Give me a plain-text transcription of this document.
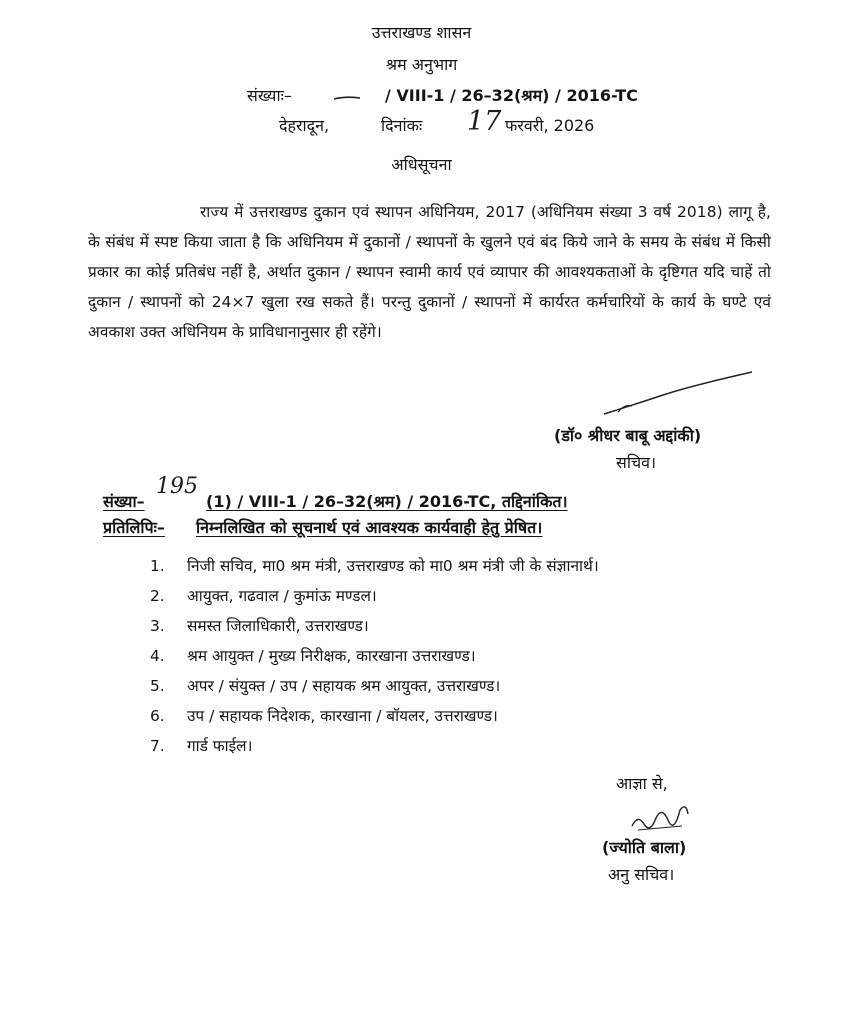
उत्तराखण्ड शासन
श्रम अनुभाग
संख्याः–	/ VIII-1 / 26–32(श्रम) / 2016-TC
देहरादून,	दिनांकः 17 फरवरी, 2026
अधिसूचना
राज्य में उत्तराखण्ड दुकान एवं स्थापन अधिनियम, 2017 (अधिनियम संख्या 3 वर्ष 2018) लागू है, के संबंध में स्पष्ट किया जाता है कि अधिनियम में दुकानों / स्थापनों के खुलने एवं बंद किये जाने के समय के संबंध में किसी प्रकार का कोई प्रतिबंध नहीं है, अर्थात दुकान / स्थापन स्वामी कार्य एवं व्यापार की आवश्यकताओं के दृष्टिगत यदि चाहें तो दुकान / स्थापनों को 24×7 खुला रख सकते हैं। परन्तु दुकानों / स्थापनों में कार्यरत कर्मचारियों के कार्य के घण्टे एवं अवकाश उक्त अधिनियम के प्राविधानानुसार ही रहेंगे।
(डॉ० श्रीधर बाबू अद्दांकी)
सचिव।
संख्या–
195
(1) / VIII-1 / 26–32(श्रम) / 2016-TC, तद्दिनांकित।
प्रतिलिपिः– निम्नलिखित को सूचनार्थ एवं आवश्यक कार्यवाही हेतु प्रेषित।
1. निजी सचिव, मा0 श्रम मंत्री, उत्तराखण्ड को मा0 श्रम मंत्री जी के संज्ञानार्थ।
2. आयुक्त, गढवाल / कुमांऊ मण्डल।
3. समस्त जिलाधिकारी, उत्तराखण्ड।
4. श्रम आयुक्त / मुख्य निरीक्षक, कारखाना उत्तराखण्ड।
5. अपर / संयुक्त / उप / सहायक श्रम आयुक्त, उत्तराखण्ड।
6. उप / सहायक निदेशक, कारखाना / बॉयलर, उत्तराखण्ड।
7. गार्ड फाईल।
आज्ञा से,
(ज्योति बाला)
अनु सचिव।
